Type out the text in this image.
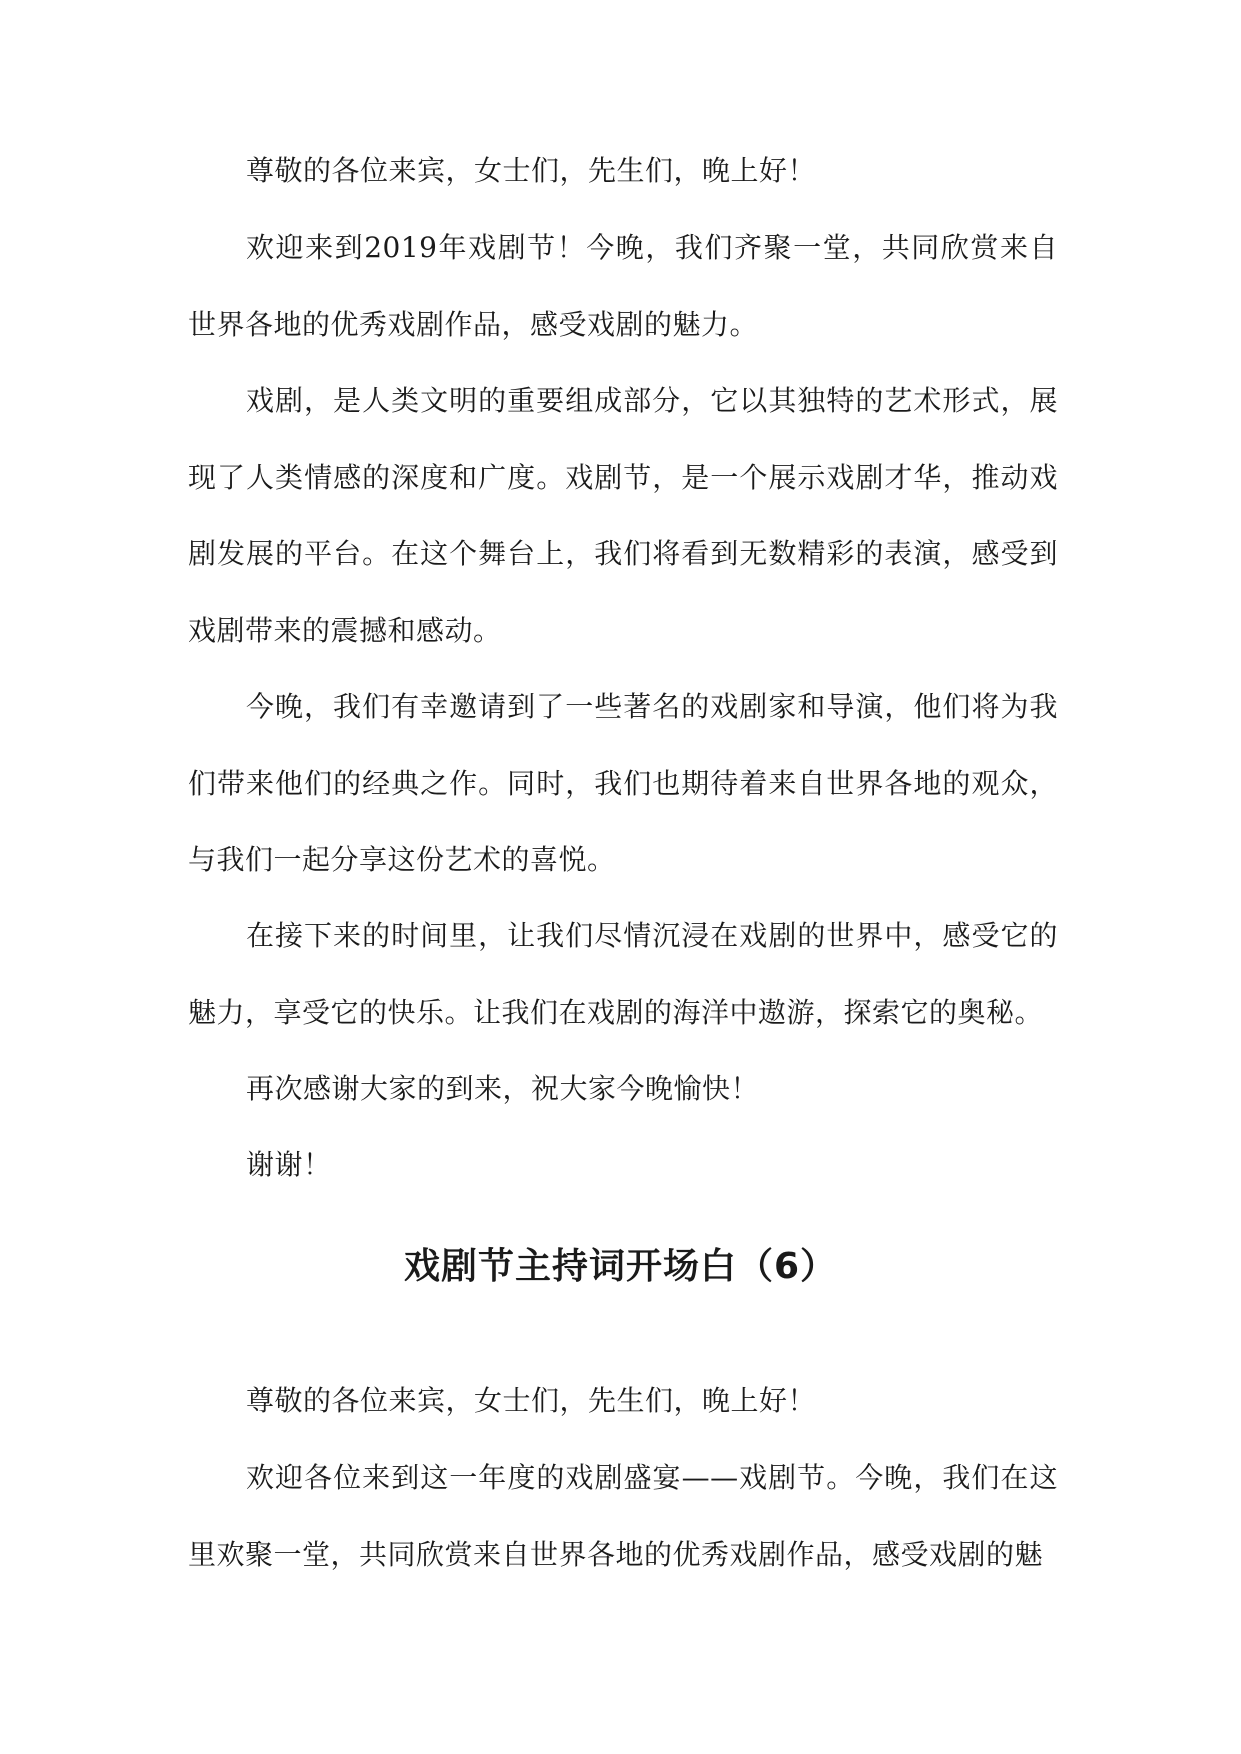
尊敬的各位来宾，女士们，先生们，晚上好！

欢迎来到2019年戏剧节！今晚，我们齐聚一堂，共同欣赏来自世界各地的优秀戏剧作品，感受戏剧的魅力。

戏剧，是人类文明的重要组成部分，它以其独特的艺术形式，展现了人类情感的深度和广度。戏剧节，是一个展示戏剧才华，推动戏剧发展的平台。在这个舞台上，我们将看到无数精彩的表演，感受到戏剧带来的震撼和感动。

今晚，我们有幸邀请到了一些著名的戏剧家和导演，他们将为我们带来他们的经典之作。同时，我们也期待着来自世界各地的观众，与我们一起分享这份艺术的喜悦。

在接下来的时间里，让我们尽情沉浸在戏剧的世界中，感受它的魅力，享受它的快乐。让我们在戏剧的海洋中遨游，探索它的奥秘。

再次感谢大家的到来，祝大家今晚愉快！

谢谢！

戏剧节主持词开场白（6）

尊敬的各位来宾，女士们，先生们，晚上好！

欢迎各位来到这一年度的戏剧盛宴——戏剧节。今晚，我们在这里欢聚一堂，共同欣赏来自世界各地的优秀戏剧作品，感受戏剧的魅
